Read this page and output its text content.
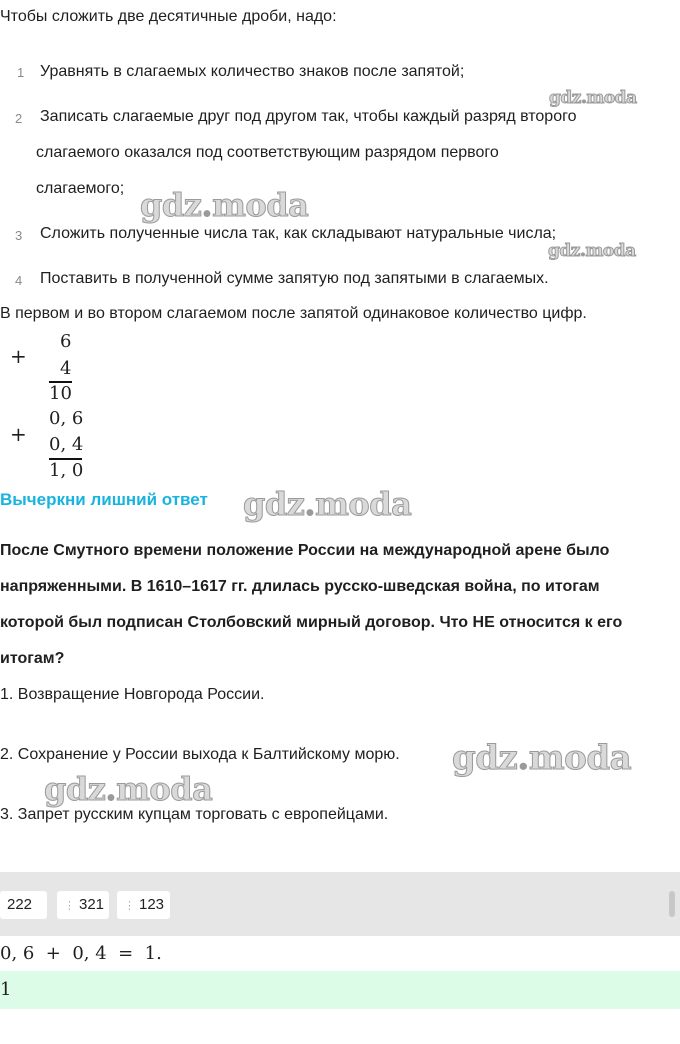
Чтобы сложить две десятичные дроби, надо:
1 Уравнять в слагаемых количество знаков после запятой;
2 Записать слагаемые друг под другом так, чтобы каждый разряд второго
слагаемого оказался под соответствующим разрядом первого
слагаемого;
3 Сложить полученные числа так, как складывают натуральные числа;
4 Поставить в полученной сумме запятую под запятыми в слагаемых.
В первом и во втором слагаемом после запятой одинаковое количество цифр.
+
6
4
10
+
0, 6
0, 4
1, 0
Вычеркни лишний ответ
После Смутного времени положение России на международной арене было
напряженными. В 1610–1617 гг. длилась русско-шведская война, по итогам
которой был подписан Столбовский мирный договор. Что НЕ относится к его
итогам?
1. Возвращение Новгорода России.
2. Сохранение у России выхода к Балтийскому морю.
3. Запрет русским купцам торговать с европейцами.
222	⋮ 321	⋮ 123
0, 6  +  0, 4  =  1.
1
gdz.moda
gdz.moda
gdz.moda
gdz.moda
gdz.moda
gdz.moda
